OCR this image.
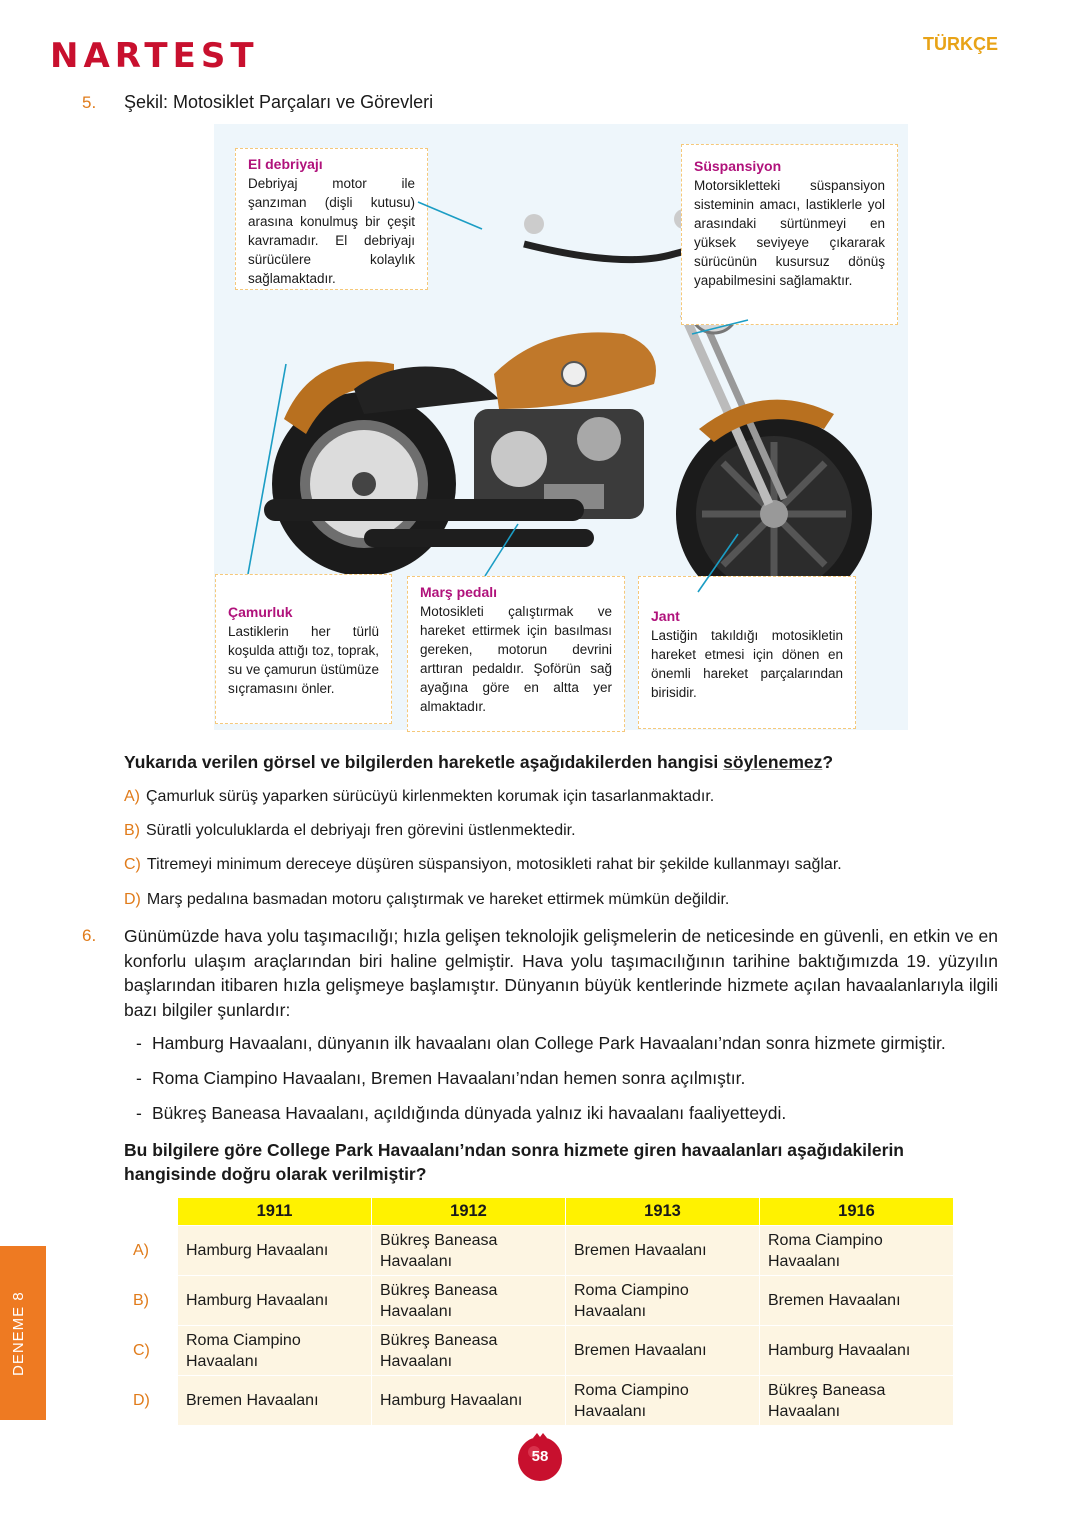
NARTEST	TÜRKÇE
5. Şekil: Motosiklet Parçaları ve Görevleri
El debriyajı
Debriyaj motor ile şanzıman (dişli kutusu) arasına konulmuş bir çeşit kavramadır. El debriyajı sürücülere kolaylık sağlamaktadır.
Süspansiyon
Motorsikletteki süspansiyon sisteminin amacı, lastiklerle yol arasındaki sürtünmeyi en yüksek seviyeye çıkararak sürücünün kusursuz dönüş yapabilmesini sağlamaktır.
Çamurluk
Lastiklerin her türlü koşulda attığı toz, toprak, su ve çamurun üstümüze sıçramasını önler.
Marş pedalı
Motosikleti çalıştırmak ve hareket ettirmek için basılması gereken, motorun devrini arttıran pedaldır. Şoförün sağ ayağına göre en altta yer almaktadır.
Jant
Lastiğin takıldığı motosikletin hareket etmesi için dönen en önemli hareket parçalarından birisidir.
Yukarıda verilen görsel ve bilgilerden hareketle aşağıdakilerden hangisi söylenemez?
A) Çamurluk sürüş yaparken sürücüyü kirlenmekten korumak için tasarlanmaktadır.
B) Süratli yolculuklarda el debriyajı fren görevini üstlenmektedir.
C) Titremeyi minimum dereceye düşüren süspansiyon, motosikleti rahat bir şekilde kullanmayı sağlar.
D) Marş pedalına basmadan motoru çalıştırmak ve hareket ettirmek mümkün değildir.
6. Günümüzde hava yolu taşımacılığı; hızla gelişen teknolojik gelişmelerin de neticesinde en güvenli, en etkin ve en konforlu ulaşım araçlarından biri haline gelmiştir. Hava yolu taşımacılığının tarihine baktığımızda 19. yüzyılın başlarından itibaren hızla gelişmeye başlamıştır. Dünyanın büyük kentlerinde hizmete açılan havaalanlarıyla ilgili bazı bilgiler şunlardır:
- Hamburg Havaalanı, dünyanın ilk havaalanı olan College Park Havaalanı’ndan sonra hizmete girmiştir.
- Roma Ciampino Havaalanı, Bremen Havaalanı’ndan hemen sonra açılmıştır.
- Bükreş Baneasa Havaalanı, açıldığında dünyada yalnız iki havaalanı faaliyetteydi.
Bu bilgilere göre College Park Havaalanı’ndan sonra hizmete giren havaalanları aşağıdakilerin hangisinde doğru olarak verilmiştir?
	1911	1912	1913	1916
A)	Hamburg Havaalanı	Bükreş Baneasa Havaalanı	Bremen Havaalanı	Roma Ciampino Havaalanı
B)	Hamburg Havaalanı	Bükreş Baneasa Havaalanı	Roma Ciampino Havaalanı	Bremen Havaalanı
C)	Roma Ciampino Havaalanı	Bükreş Baneasa Havaalanı	Bremen Havaalanı	Hamburg Havaalanı
D)	Bremen Havaalanı	Hamburg Havaalanı	Roma Ciampino Havaalanı	Bükreş Baneasa Havaalanı
DENEME 8
58
